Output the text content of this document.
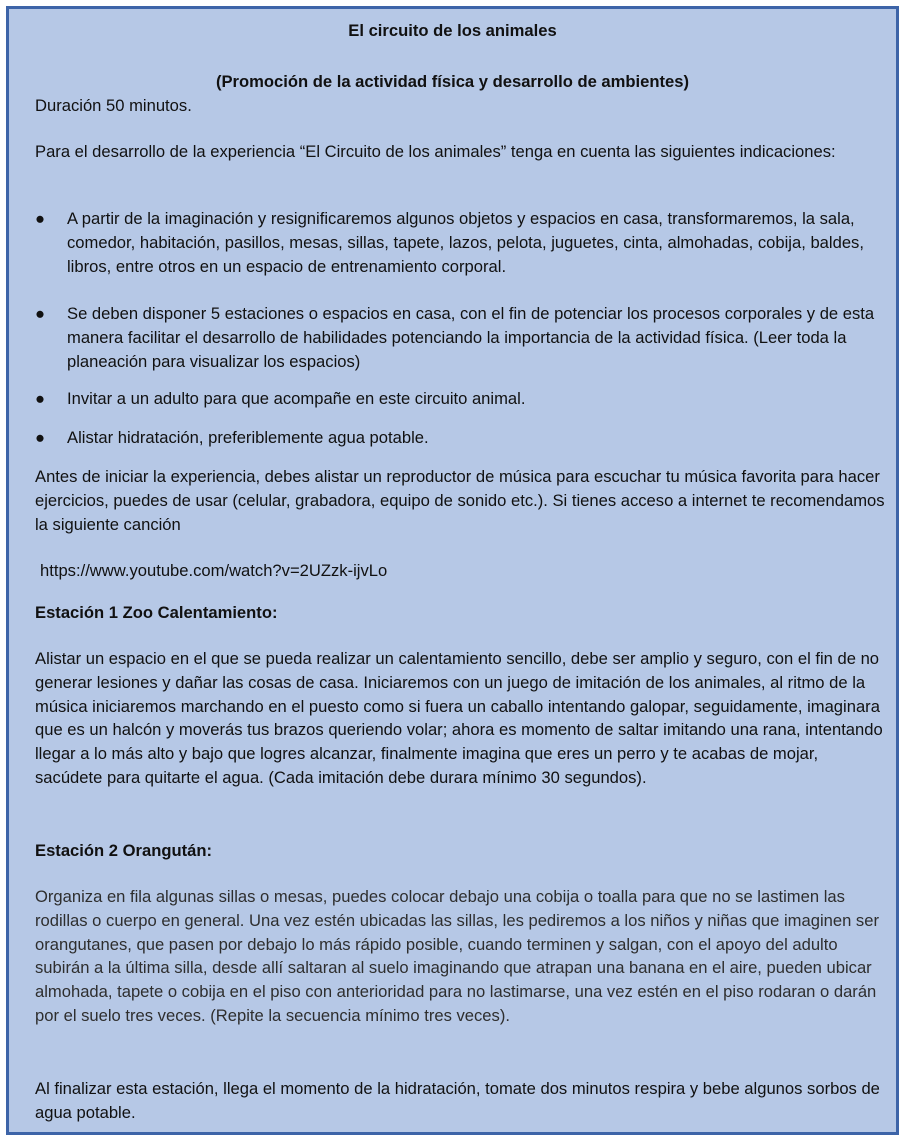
El circuito de los animales

(Promoción de la actividad física y desarrollo de ambientes)

Duración 50 minutos.

Para el desarrollo de la experiencia “El Circuito de los animales” tenga en cuenta las siguientes indicaciones:

●	A partir de la imaginación y resignificaremos algunos objetos y espacios en casa, transformaremos, la sala, comedor, habitación, pasillos, mesas, sillas, tapete, lazos, pelota, juguetes, cinta, almohadas, cobija, baldes, libros, entre otros en un espacio de entrenamiento corporal.
●	Se deben disponer 5 estaciones o espacios en casa, con el fin de potenciar los procesos corporales y de esta manera facilitar el desarrollo de habilidades potenciando la importancia de la actividad física. (Leer toda la planeación para visualizar los espacios)
●	Invitar a un adulto para que acompañe en este circuito animal.
●	Alistar hidratación, preferiblemente agua potable.

Antes de iniciar la experiencia, debes alistar un reproductor de música para escuchar tu música favorita para hacer ejercicios, puedes de usar (celular, grabadora, equipo de sonido etc.). Si tienes acceso a internet te recomendamos la siguiente canción

https://www.youtube.com/watch?v=2UZzk-ijvLo

Estación 1 Zoo Calentamiento:

Alistar un espacio en el que se pueda realizar un calentamiento sencillo, debe ser amplio y seguro, con el fin de no generar lesiones y dañar las cosas de casa. Iniciaremos con un juego de imitación de los animales, al ritmo de la música iniciaremos marchando en el puesto como si fuera un caballo intentando galopar, seguidamente, imaginara que es un halcón y moverás tus brazos queriendo volar; ahora es momento de saltar imitando una rana, intentando llegar a lo más alto y bajo que logres alcanzar, finalmente imagina que eres un perro y te acabas de mojar, sacúdete para quitarte el agua. (Cada imitación debe durara mínimo 30 segundos).

Estación 2 Orangután:

Organiza en fila algunas sillas o mesas, puedes colocar debajo una cobija o toalla para que no se lastimen las rodillas o cuerpo en general. Una vez estén ubicadas las sillas, les pediremos a los niños y niñas que imaginen ser orangutanes, que pasen por debajo lo más rápido posible, cuando terminen y salgan, con el apoyo del adulto subirán a la última silla, desde allí saltaran al suelo imaginando que atrapan una banana en el aire, pueden ubicar almohada, tapete o cobija en el piso con anterioridad para no lastimarse, una vez estén en el piso rodaran o darán por el suelo tres veces. (Repite la secuencia mínimo tres veces).

Al finalizar esta estación, llega el momento de la hidratación, tomate dos minutos respira y bebe algunos sorbos de agua potable.
